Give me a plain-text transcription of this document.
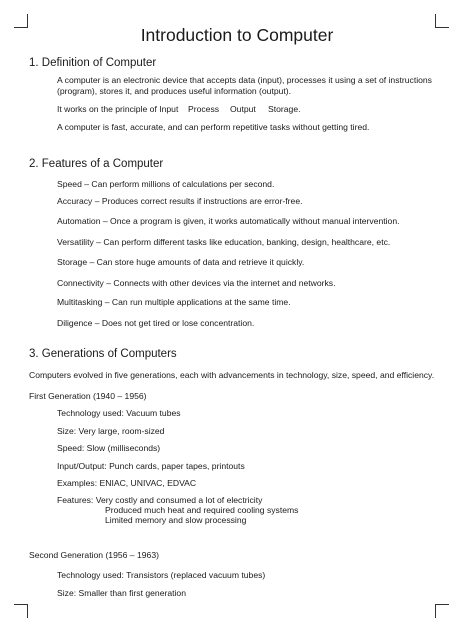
Introduction to Computer
1. Definition of Computer
A computer is an electronic device that accepts data (input), processes it using a set of instructions
(program), stores it, and produces useful information (output).
It works on the principle of Input Process Output Storage.
A computer is fast, accurate, and can perform repetitive tasks without getting tired.
2. Features of a Computer
Speed – Can perform millions of calculations per second.
Accuracy – Produces correct results if instructions are error-free.
Automation – Once a program is given, it works automatically without manual intervention.
Versatility – Can perform different tasks like education, banking, design, healthcare, etc.
Storage – Can store huge amounts of data and retrieve it quickly.
Connectivity – Connects with other devices via the internet and networks.
Multitasking – Can run multiple applications at the same time.
Diligence – Does not get tired or lose concentration.
3. Generations of Computers
Computers evolved in five generations, each with advancements in technology, size, speed, and efficiency.
First Generation (1940 – 1956)
Technology used: Vacuum tubes
Size: Very large, room-sized
Speed: Slow (milliseconds)
Input/Output: Punch cards, paper tapes, printouts
Examples: ENIAC, UNIVAC, EDVAC
Features: Very costly and consumed a lot of electricity
Produced much heat and required cooling systems
Limited memory and slow processing
Second Generation (1956 – 1963)
Technology used: Transistors (replaced vacuum tubes)
Size: Smaller than first generation
